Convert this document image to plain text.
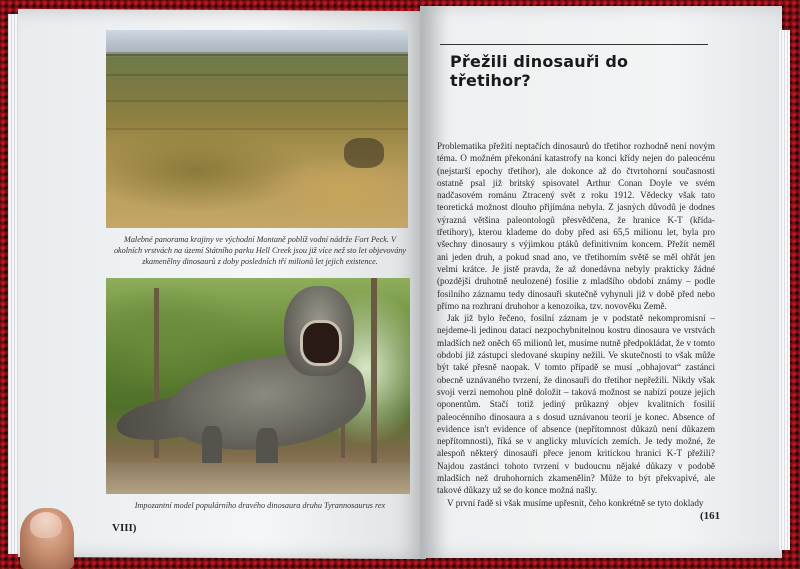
Malebné panorama krajiny ve východní Montaně poblíž vodní nádrže Fort Peck. V okolních vrstvách na území Státního parku Hell Creek jsou již více než sto let objevovány zkamenělny dinosaurů z doby posledních tří milionů let jejich existence.
Impozantní model populárního dravého dinosaura druhu Tyrannosaurus rex
VIII)
Přežili dinosauři do třetihor?

Problematika přežití neptačích dinosaurů do třetihor rozhodně není novým téma. O možném překonání katastrofy na konci křídy nejen do paleocénu (nejstarší epochy třetihor), ale dokonce až do čtvrtohorní současnosti ostatně psal již britský spisovatel Arthur Conan Doyle ve svém nadčasovém románu Ztracený svět z roku 1912. Vědecky však tato teoretická možnost dlouho přijímána nebyla. Z jasných důvodů je dodnes výrazná většina paleontologů přesvědčena, že hranice K-T (křída-třetihory), kterou klademe do doby před asi 65,5 milionu let, byla pro všechny dinosaury s výjimkou ptáků definitivním koncem. Přežít neměl ani jeden druh, a pokud snad ano, ve třetihorním světě se měl ohřát jen velmi krátce. Je jistě pravda, že až donedávna nebyly prakticky žádné (pozdější druhotně neulozené) fosilie z mladšího období známy – podle fosilního záznamu tedy dinosauři skutečně vyhynuli již v době před nebo přímo na rozhraní druhohor a kenozoika, tzv. novověku Země.

Jak již bylo řečeno, fosilní záznam je v podstatě nekompromisní – nejdeme-li jedinou datací nezpochybnitelnou kostru dinosaura ve vrstvách mladších než oněch 65 milionů let, musíme nutně předpokládat, že v tomto období již zástupci sledované skupiny nežili. Ve skutečnosti to však může být také přesně naopak. V tomto případě se musí „obhajovat“ zastánci obecně uznávaného tvrzení, že dinosauři do třetihor nepřežili. Nikdy však svoji verzi nemohou plně doložit – taková možnost se nabízí pouze jejich oponentům. Stačí totiž jediný průkazný objev kvalitních fosilií paleocénního dinosaura a s dosud uznávanou teorií je konec. Absence of evidence isn't evidence of absence (nepřítomnost důkazů není důkazem nepřítomnosti), říká se v anglicky mluvících zemích. Je tedy možné, že alespoň některý dinosauři přece jenom kritickou hranici K-T přežili? Najdou zastánci tohoto tvrzení v budoucnu nějaké důkazy v podobě mladších než druhohorních zkamenělin? Může to být překvapivé, ale takové důkazy už se do konce možná našly.

V první řadě si však musíme upřesnit, čeho konkrétně se tyto doklady

(161
